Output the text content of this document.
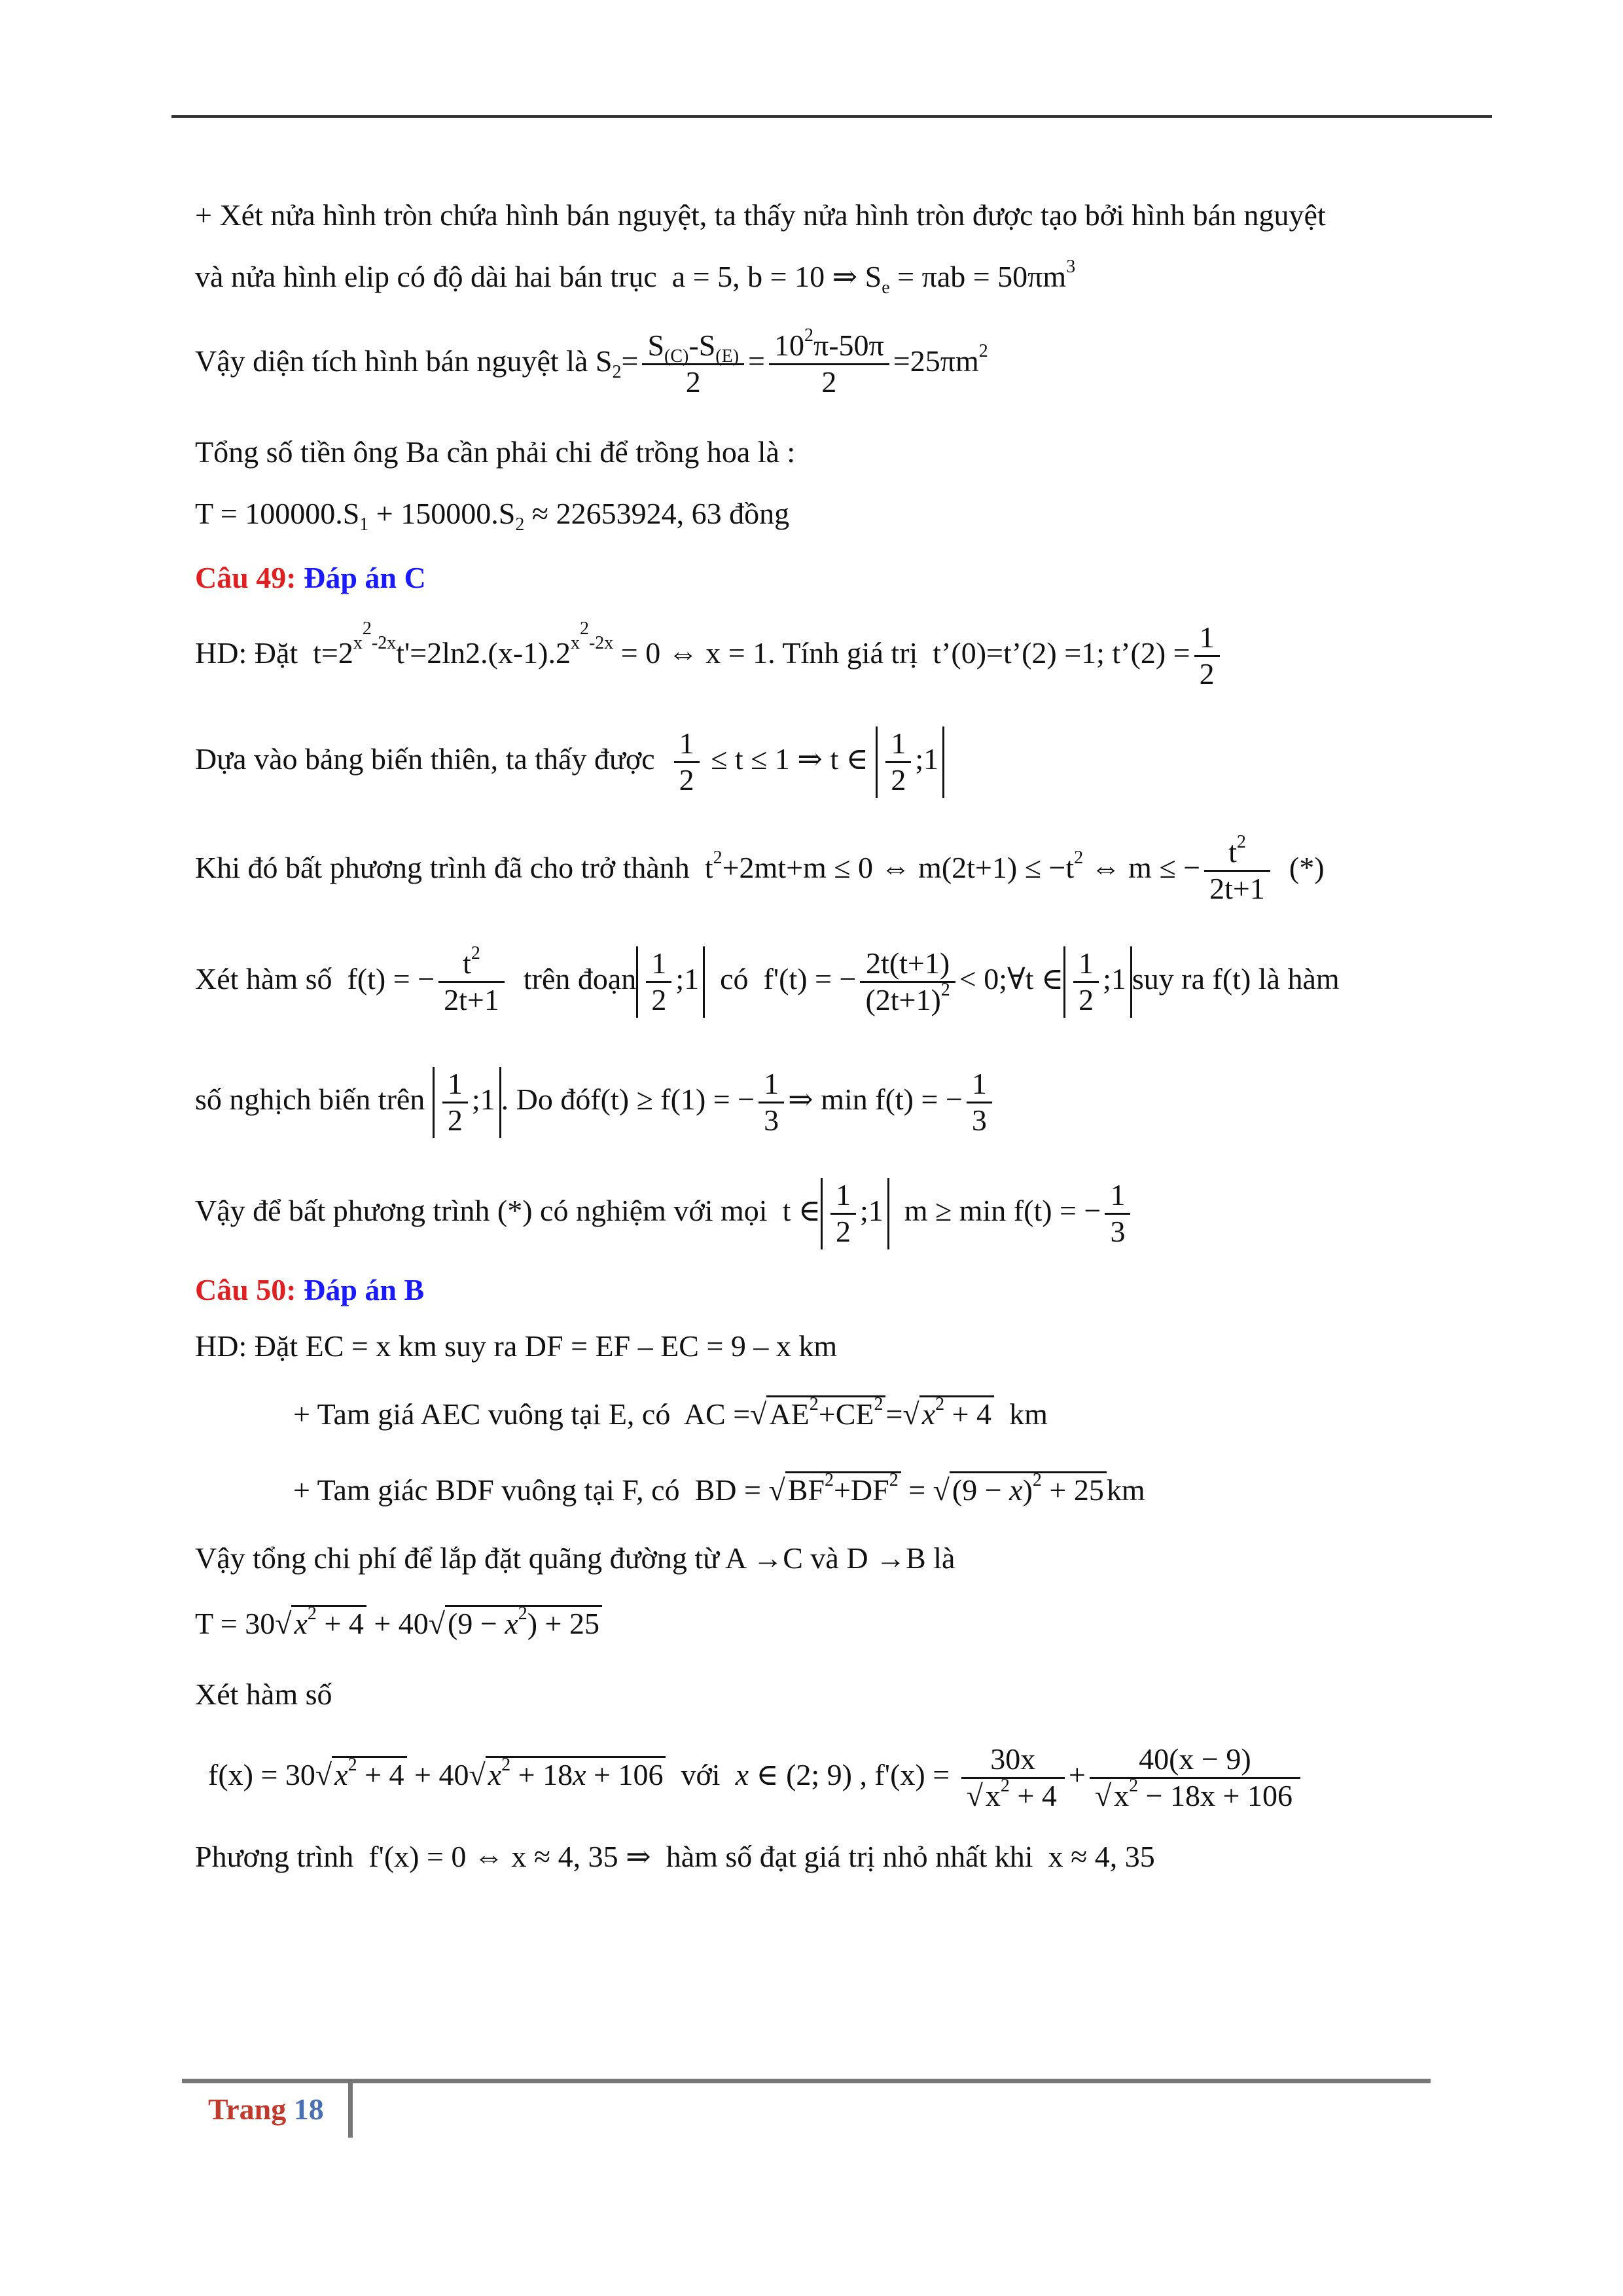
+ Xét nửa hình tròn chứa hình bán nguyệt, ta thấy nửa hình tròn được tạo bởi hình bán nguyệt
và nửa hình elip có độ dài hai bán trục a = 5, b = 10 ⇒ $S_e = \pi ab = 50\pi m^3$
Vậy diện tích hình bán nguyệt là $S_2= \frac{S_{(C)}-S_{(E)}}{2} = \frac{10^2\pi-50\pi}{2} =25\pi m^2$
Tổng số tiền ông Ba cần phải chi để trồng hoa là :
$T = 100000.S_1 + 150000.S_2 \approx 22653924$, 63 đồng
Câu 49: Đáp án C
HD: Đặt  $t=2^{x^2-2x}t'=2\ln 2.(x-1).2^{x^2-2x} = 0$ ⇔ x = 1. Tính giá trị  t’(0)=t’(2) =1; t’(2) = $\frac{1}{2}$
Dựa vào bảng biến thiên, ta thấy được $\frac{1}{2} \le t \le 1$ ⇒ t ∈ $\frac{1}{2}$ ;1
Khi đó bất phương trình đã cho trở thành  $t^2+2mt+m \le 0$ ⇔ $m(2t+1) \le -t^2$ ⇔ m ≤ − $\frac{t^2}{2t+1}$ (*)
Xét hàm số  f(t) = − $\frac{t^2}{2t+1}$ trên đoạn $\frac{1}{2}$ ;1 có  f'(t) = − $\frac{2t(t+1)}{(2t+1)^2}$ < 0;∀t ∈ $\frac{1}{2}$ ;1 suy ra f(t) là hàm
số nghịch biến trên $\frac{1}{2}$ ;1 . Do đóf(t) ≥ f(1) = − $\frac{1}{3}$ ⇒ min f(t) = − $\frac{1}{3}$
Vậy để bất phương trình (*) có nghiệm với mọi  t ∈ $\frac{1}{2}$ ;1  m ≥ min f(t) = − $\frac{1}{3}$
Câu 50: Đáp án B
HD: Đặt EC = x km suy ra DF = EF – EC = 9 – x km
+ Tam giá AEC vuông tại E, có  AC $=√AE^2+CE^2=√x^2 + 4$  km
+ Tam giác BDF vuông tại F, có  BD = $√BF^2+DF^2 = √(9 - x)^2 + 25km$
Vậy tổng chi phí để lắp đặt quãng đường từ A →C và D →B là
$T = 30√x^2 + 4 + 40√(9 - x^2) + 25$
Xét hàm số
$f(x) = 30√x^2 + 4 + 40√x^2 + 18x + 106$ với x ∈ (2; 9) , $f'(x) = \frac{30x}{√x^2 + 4} + \frac{40(x - 9)}{√x^2 - 18x + 106}$
Phương trình  f'(x) = 0 ⇔ x ≈ 4, 35 ⇒  hàm số đạt giá trị nhỏ nhất khi  x ≈ 4, 35
Trang 18
